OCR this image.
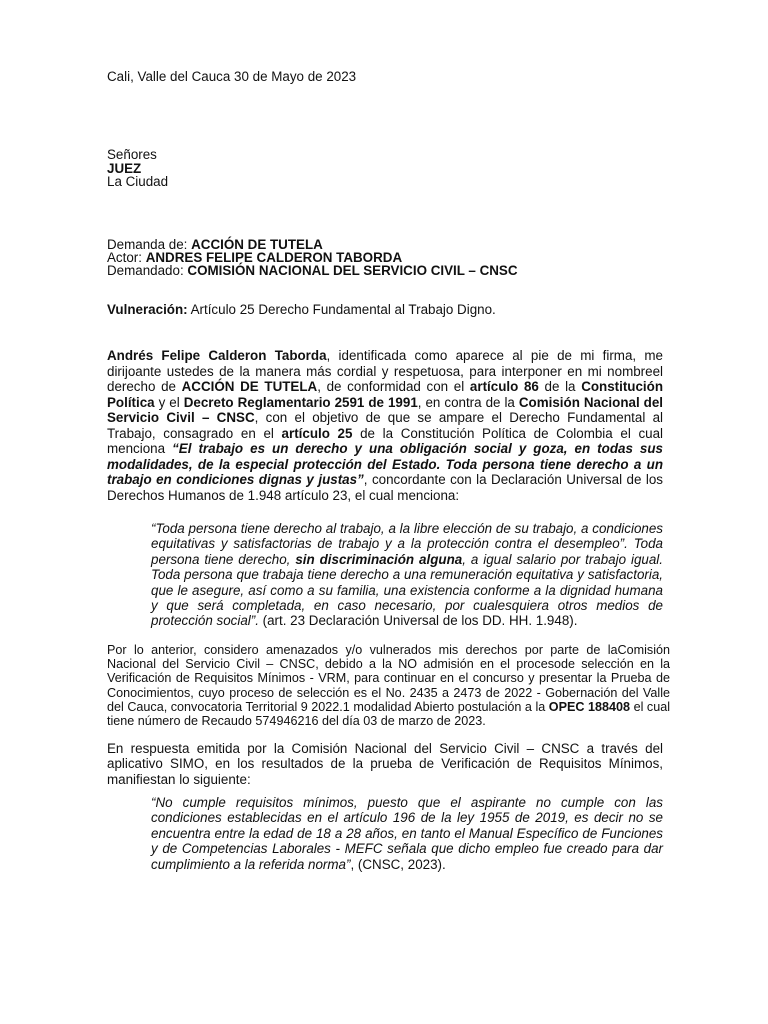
Cali, Valle del Cauca 30 de Mayo de 2023

Señores
JUEZ
La Ciudad
Demanda de: ACCIÓN DE TUTELA
Actor: ANDRES FELIPE CALDERON TABORDA
Demandado: COMISIÓN NACIONAL DEL SERVICIO CIVIL – CNSC

Vulneración: Artículo 25 Derecho Fundamental al Trabajo Digno.

Andrés Felipe Calderon Taborda, identificada como aparece al pie de mi firma, me dirijoante ustedes de la manera más cordial y respetuosa, para interponer en mi nombreel derecho de ACCIÓN DE TUTELA, de conformidad con el artículo 86 de la Constitución Política y el Decreto Reglamentario 2591 de 1991, en contra de la Comisión Nacional del Servicio Civil – CNSC, con el objetivo de que se ampare el Derecho Fundamental al Trabajo, consagrado en el artículo 25 de la Constitución Política de Colombia el cual menciona “El trabajo es un derecho y una obligación social y goza, en todas sus modalidades, de la especial protección del Estado. Toda persona tiene derecho a un trabajo en condiciones dignas y justas”, concordante con la Declaración Universal de los Derechos Humanos de 1.948 artículo 23, el cual menciona:

“Toda persona tiene derecho al trabajo, a la libre elección de su trabajo, a condiciones equitativas y satisfactorias de trabajo y a la protección contra el desempleo”. Toda persona tiene derecho, sin discriminación alguna, a igual salario por trabajo igual. Toda persona que trabaja tiene derecho a una remuneración equitativa y satisfactoria, que le asegure, así como a su familia, una existencia conforme a la dignidad humana y que será completada, en caso necesario, por cualesquiera otros medios de protección social”. (art. 23 Declaración Universal de los DD. HH. 1.948).

Por lo anterior, considero amenazados y/o vulnerados mis derechos por parte de laComisión Nacional del Servicio Civil – CNSC, debido a la NO admisión en el procesode selección en la Verificación de Requisitos Mínimos - VRM, para continuar en el concurso y presentar la Prueba de Conocimientos, cuyo proceso de selección es el No. 2435 a 2473 de 2022 - Gobernación del Valle del Cauca, convocatoria Territorial 9 2022.1 modalidad Abierto postulación a la OPEC 188408 el cual tiene número de Recaudo 574946216 del día 03 de marzo de 2023.

En respuesta emitida por la Comisión Nacional del Servicio Civil – CNSC a través del aplicativo SIMO, en los resultados de la prueba de Verificación de Requisitos Mínimos, manifiestan lo siguiente:

“No cumple requisitos mínimos, puesto que el aspirante no cumple con las condiciones establecidas en el artículo 196 de la ley 1955 de 2019, es decir no se encuentra entre la edad de 18 a 28 años, en tanto el Manual Específico de Funciones y de Competencias Laborales - MEFC señala que dicho empleo fue creado para dar cumplimiento a la referida norma”, (CNSC, 2023).
